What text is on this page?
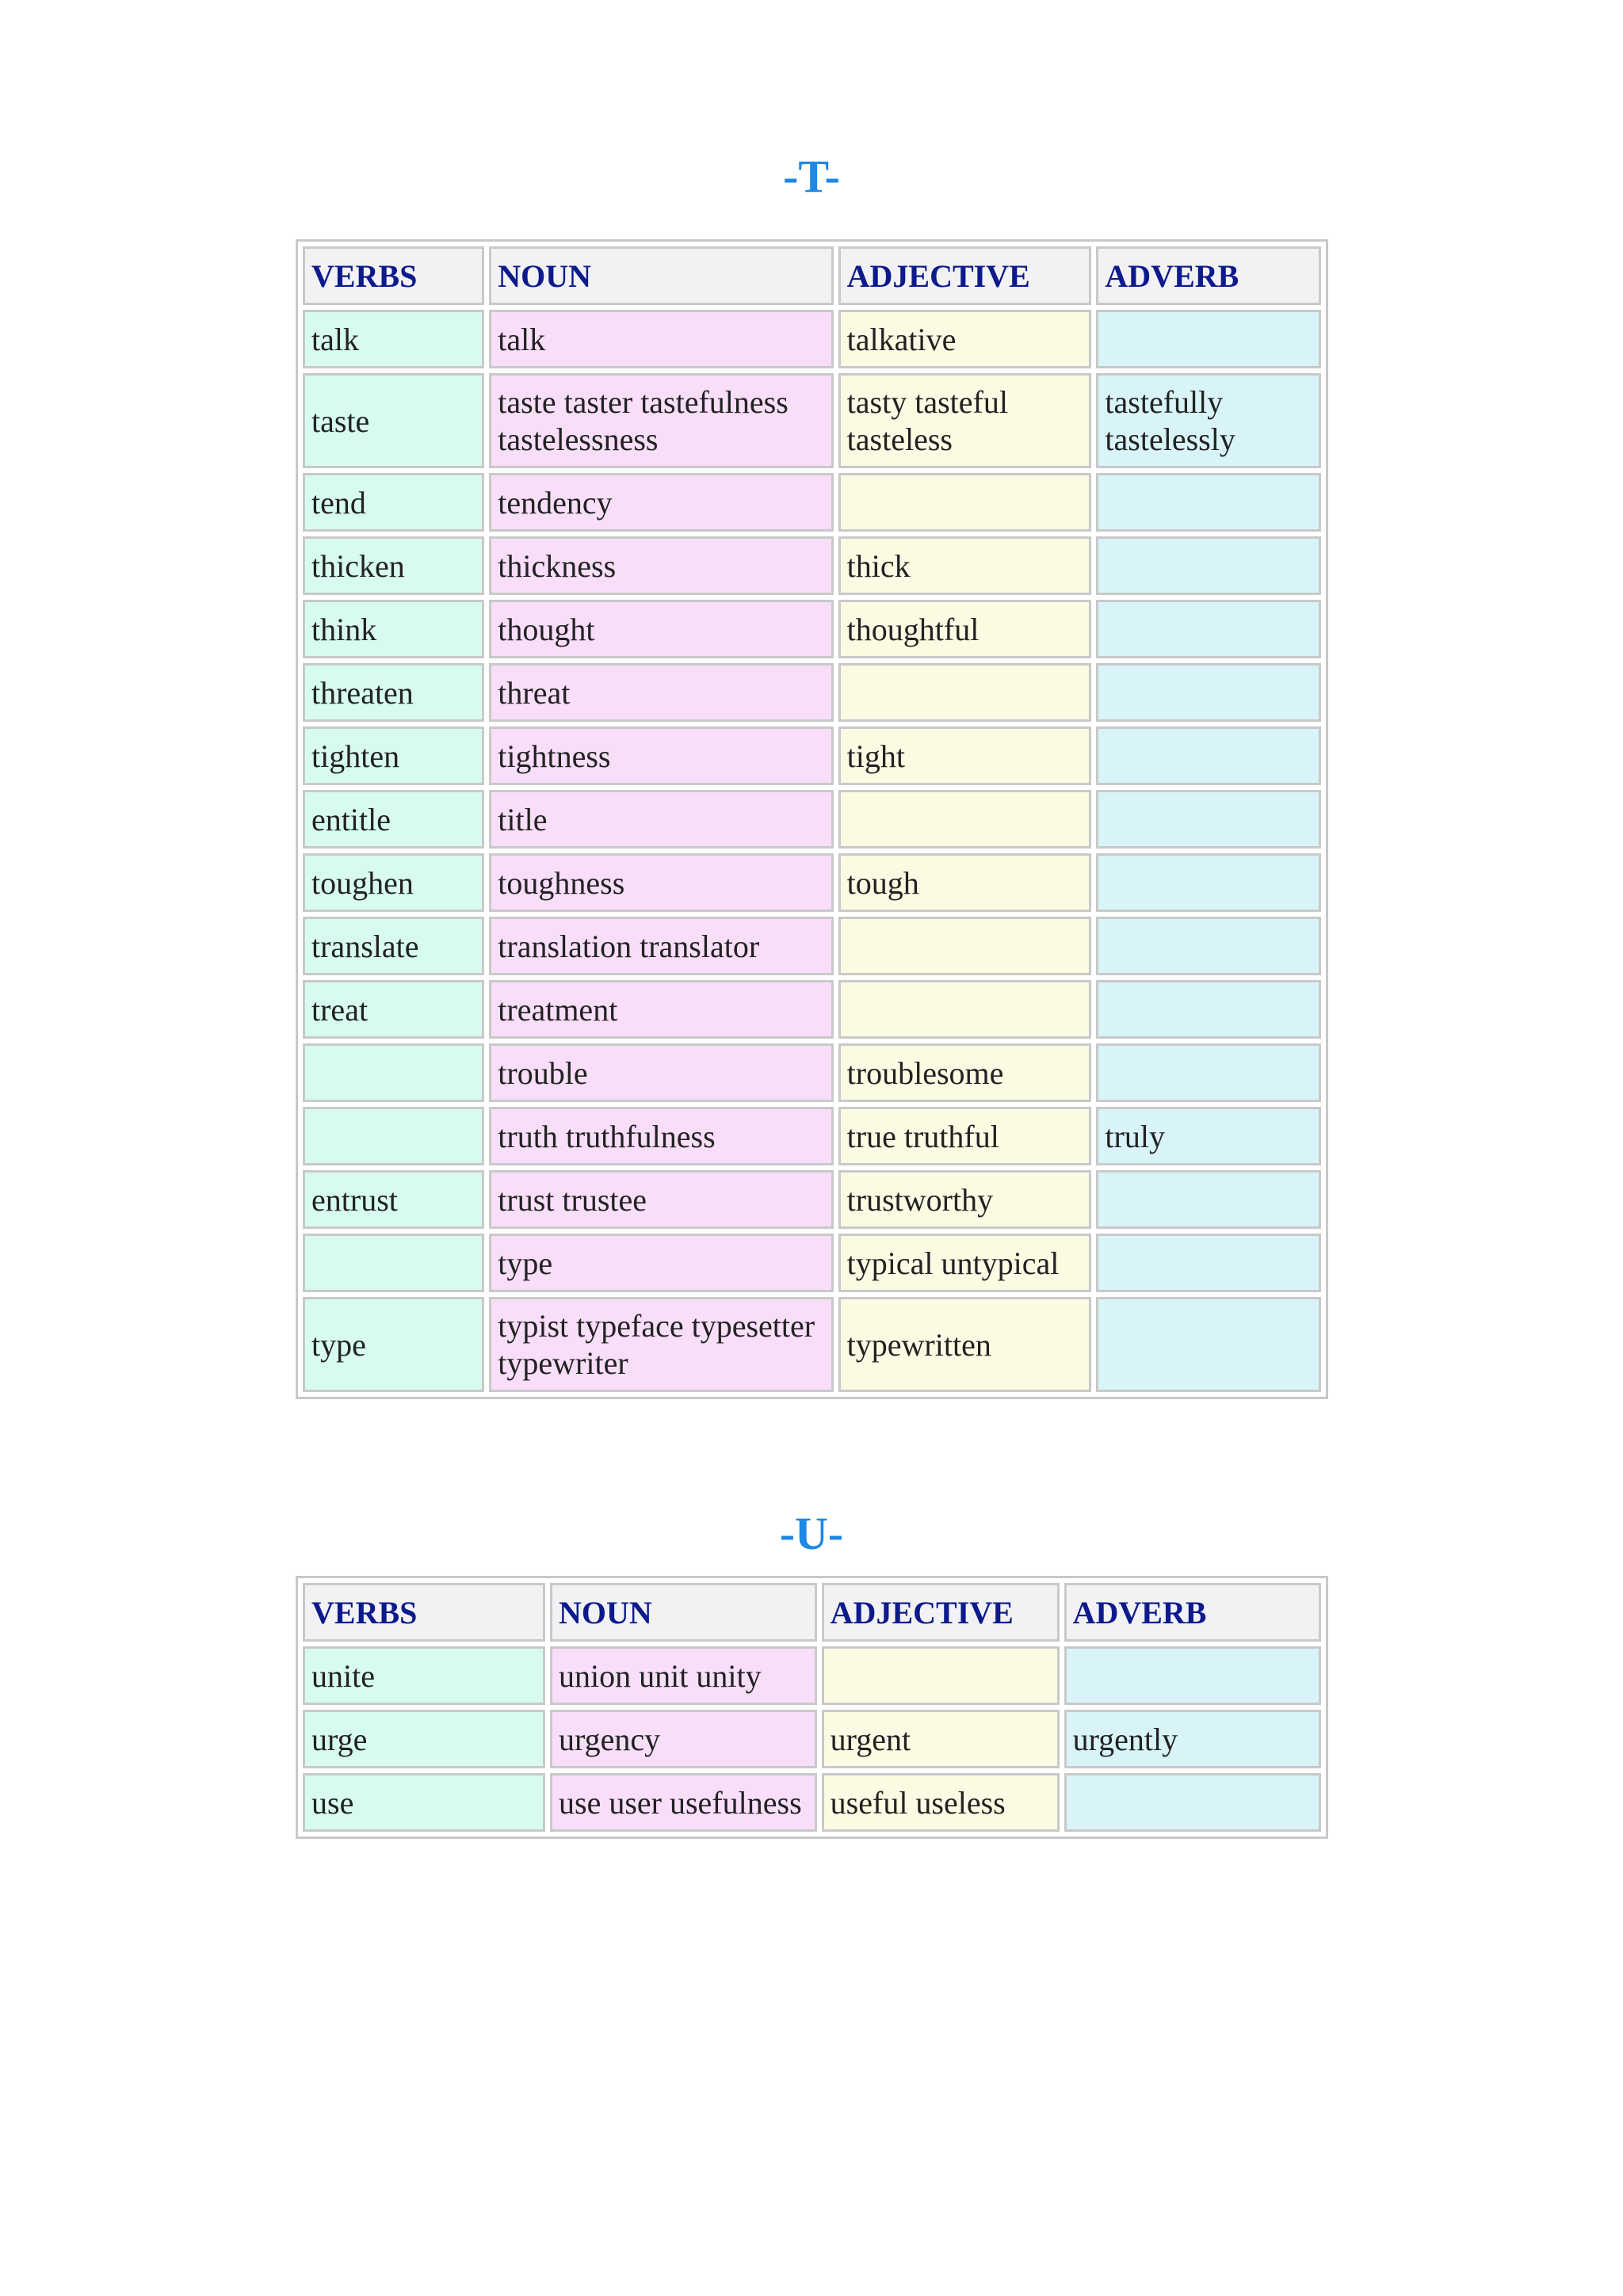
-T-
VERBS	NOUN	ADJECTIVE	ADVERB
talk	talk	talkative	
taste	taste taster tastefulness tastelessness	tasty tasteful tasteless	tastefully tastelessly
tend	tendency		
thicken	thickness	thick	
think	thought	thoughtful	
threaten	threat		
tighten	tightness	tight	
entitle	title		
toughen	toughness	tough	
translate	translation translator		
treat	treatment		
	trouble	troublesome	
	truth truthfulness	true truthful	truly
entrust	trust trustee	trustworthy	
	type	typical untypical	
type	typist typeface typesetter typewriter	typewritten	
-U-
VERBS	NOUN	ADJECTIVE	ADVERB
unite	union unit unity		
urge	urgency	urgent	urgently
use	use user usefulness	useful useless	
